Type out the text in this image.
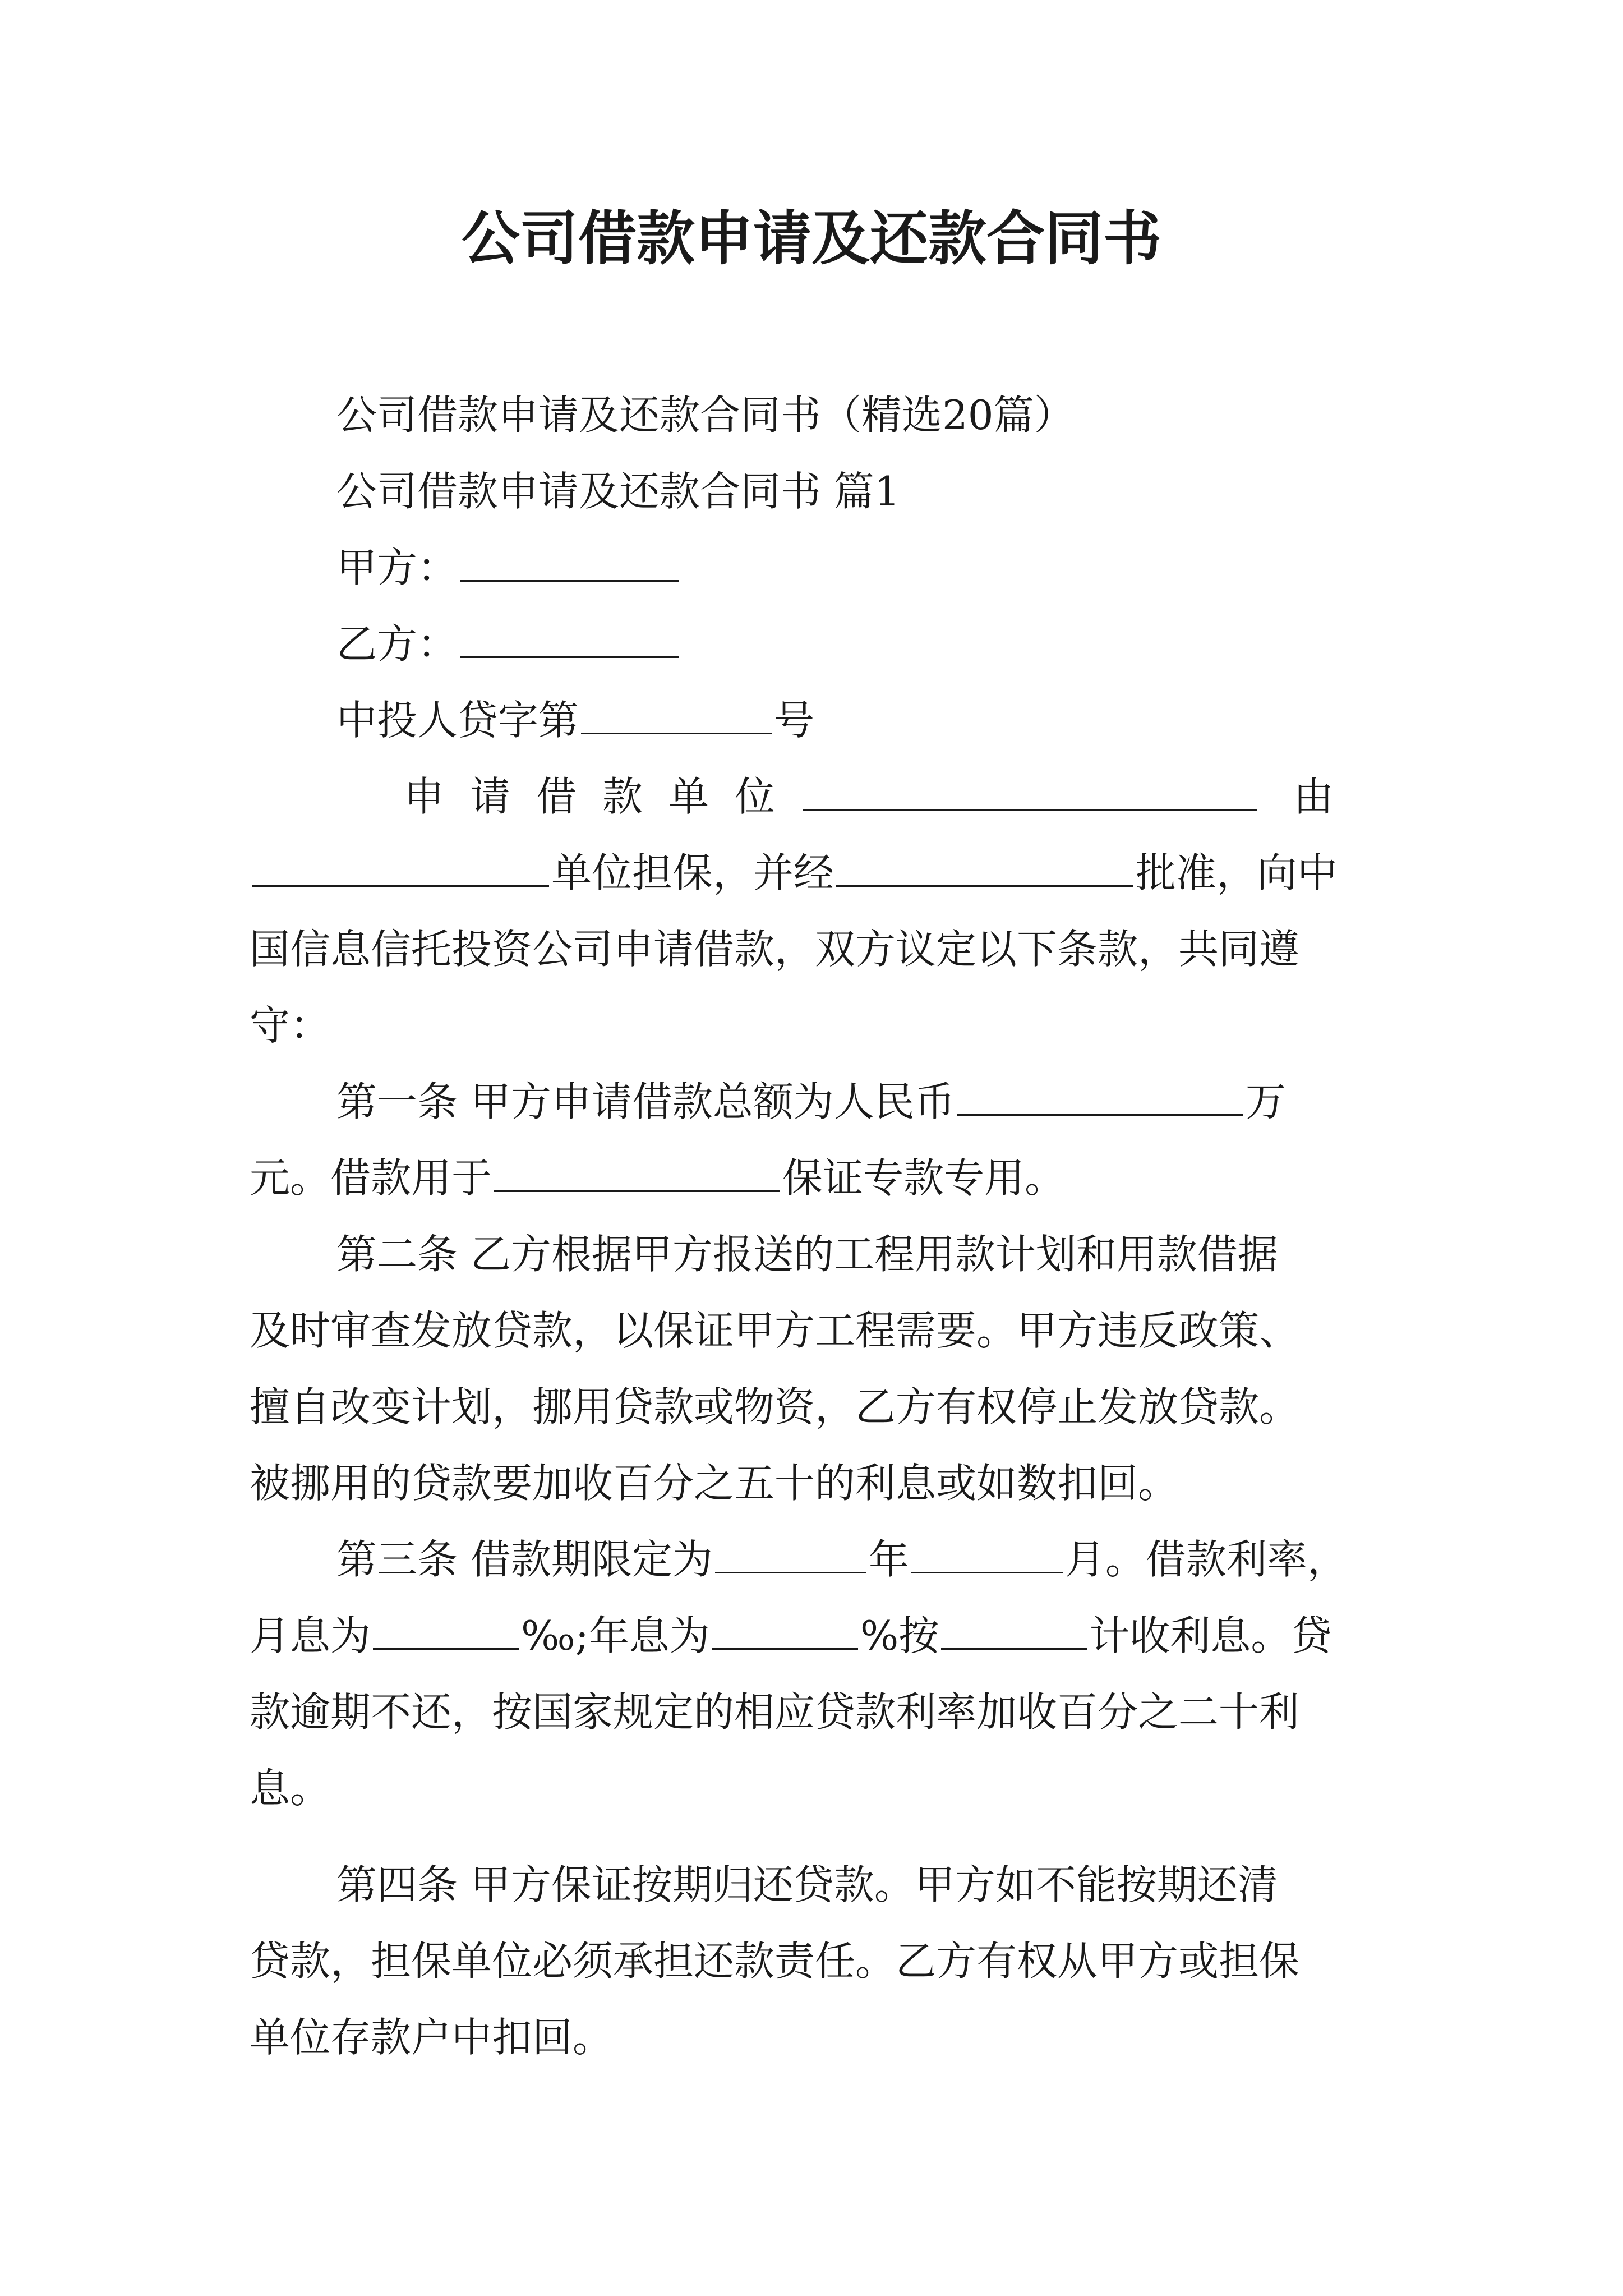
公司借款申请及还款合同书
公司借款申请及还款合同书（精选20篇）
公司借款申请及还款合同书 篇1
甲方：
乙方：
中投人贷字第	号
申请借款单位	由
单位担保，并经	批准，向中
国信息信托投资公司申请借款，双方议定以下条款，共同遵
守：
第一条 甲方申请借款总额为人民币	万
元。借款用于	保证专款专用。
第二条 乙方根据甲方报送的工程用款计划和用款借据
及时审查发放贷款，以保证甲方工程需要。甲方违反政策、
擅自改变计划，挪用贷款或物资，乙方有权停止发放贷款。
被挪用的贷款要加收百分之五十的利息或如数扣回。
第三条 借款期限定为	年	月。借款利率，
月息为	‰;年息为	%按	计收利息。贷
款逾期不还，按国家规定的相应贷款利率加收百分之二十利
息。
第四条 甲方保证按期归还贷款。甲方如不能按期还清
贷款，担保单位必须承担还款责任。乙方有权从甲方或担保
单位存款户中扣回。
